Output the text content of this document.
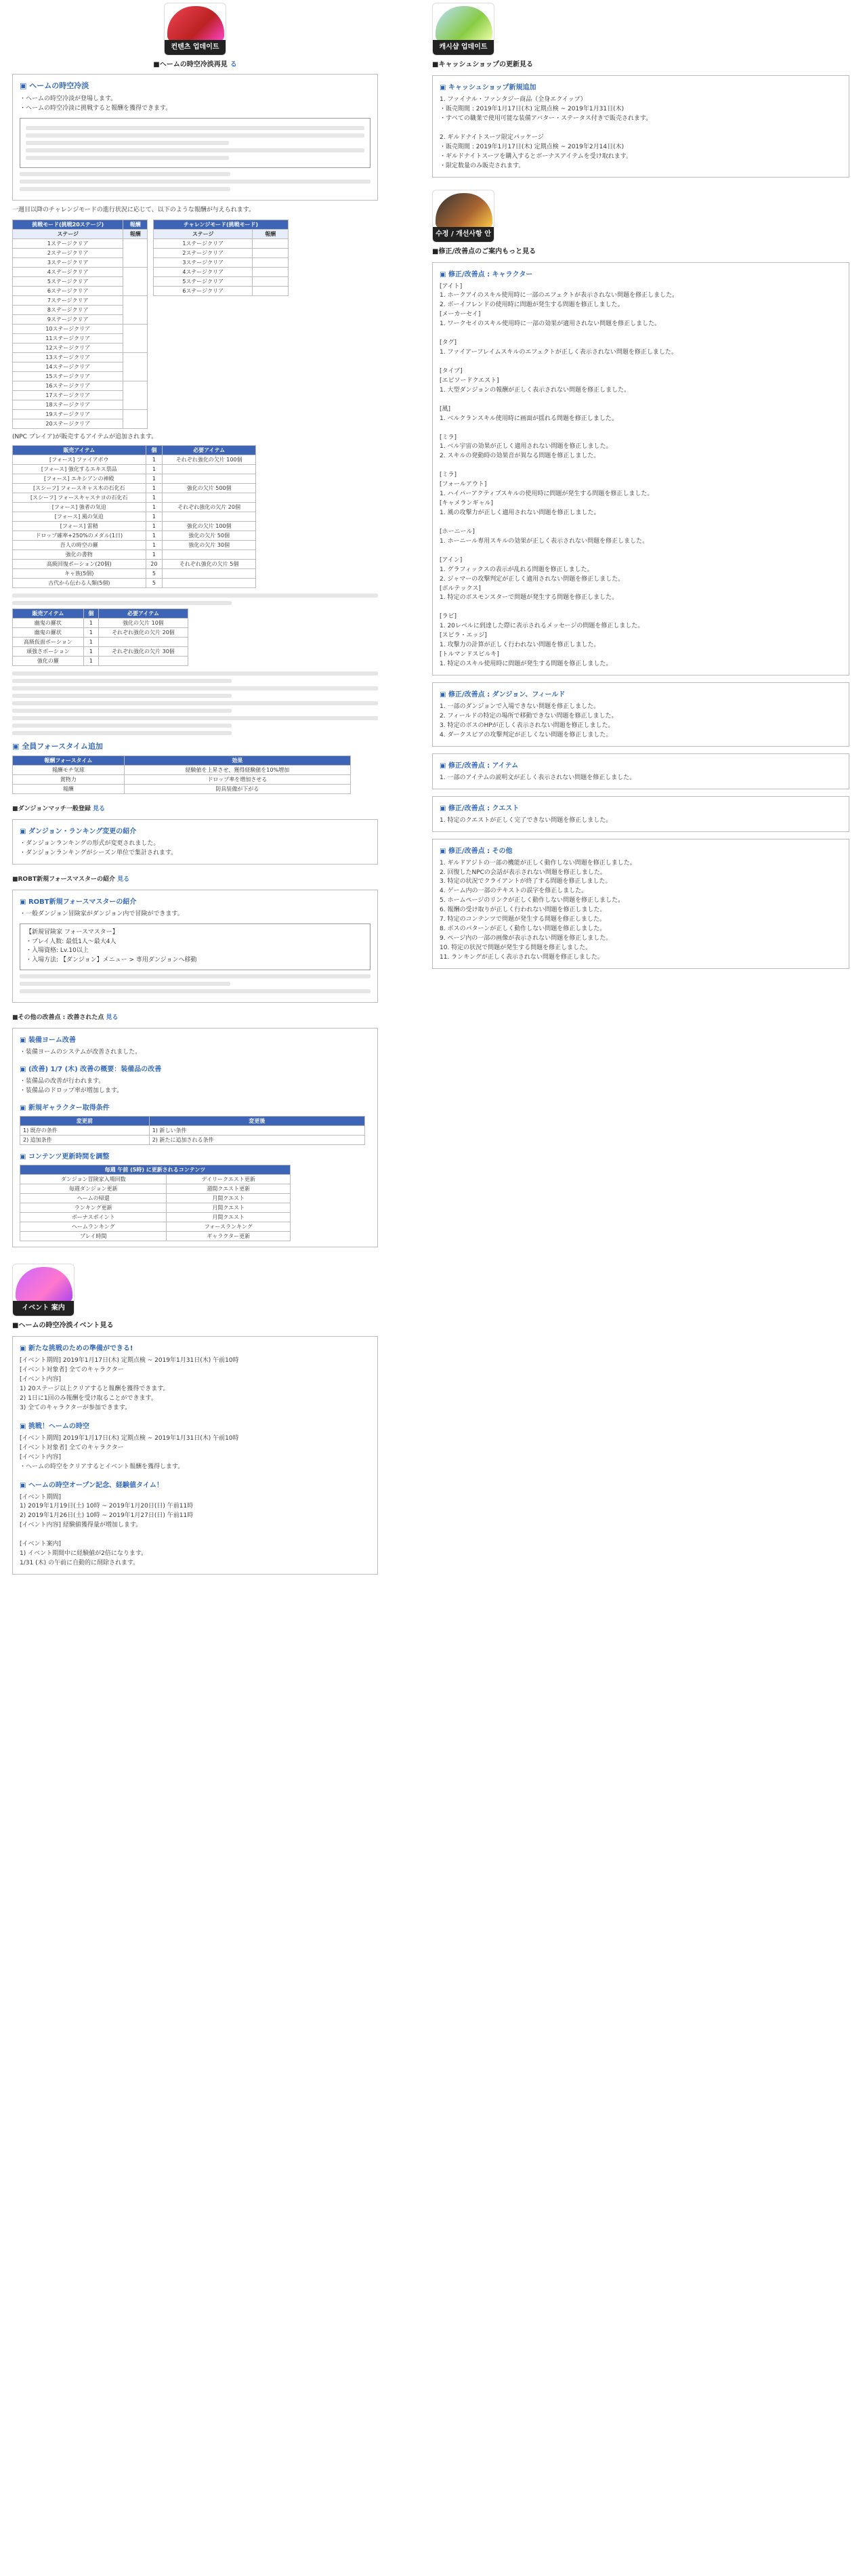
컨텐츠 업데이트
■ヘームの時空冷淡再見 る
▣ ヘームの時空冷淡
・ヘームの時空冷淡が登場します。
・ヘームの時空冷淡に挑戦すると報酬を獲得できます。
一週目以降のチャレンジモードの進行状況に応じて、以下のような報酬が与えられます。
挑戦モード(挑戦20ステージ)	報酬
ステージ	報酬
1ステージクリア	
2ステージクリア	
3ステージクリア	
4ステージクリア	
5ステージクリア	
6ステージクリア	
7ステージクリア	
8ステージクリア	
9ステージクリア	
10ステージクリア	
11ステージクリア	
12ステージクリア	
13ステージクリア	
14ステージクリア	
15ステージクリア	
16ステージクリア	
17ステージクリア	
18ステージクリア	
19ステージクリア	
20ステージクリア	
チャレンジモード(挑戦モード)	
ステージ	報酬
1ステージクリア	
2ステージクリア	
3ステージクリア	
4ステージクリア	
5ステージクリア	
6ステージクリア	
(NPC プレイア)が販売するアイテムが追加されます。
販売アイテム	個	必要アイテム
[フォース] ファイアボウ	1	それぞれ強化の欠片 100個
[フォース] 強化するエキス票品	1	
[フォース] エキシアンの神殿	1	
[スシーフ] フォースキャス木の石化石	1	強化の欠片 500個
[スシーフ] フォースキャスナヨの石化石	1	
[フォース] 強者の気迫	1	それぞれ強化の欠片 20個
[フォース] 風の気迫	1	
[フォース] 雷精	1	強化の欠片 100個
ドロップ確率+250%のメダル(1日)	1	強化の欠片 50個
吾人の時空の羅	1	強化の欠片 30個
強化の書物	1	
高級回復ポーション(20個)	20	それぞれ強化の欠片 5個
キャ族(5個)	5	
古代から伝わる人類(5個)	5	
販売アイテム	個	必要アイテム
幽鬼の羅状	1	強化の欠片 10個
幽鬼の羅状	1	それぞれ強化の欠片 20個
高級仮面ポーション	1	
頑強さポーション	1	それぞれ強化の欠片 30個
強化の羅	1	
▣ 全員フォースタイム追加
報酬フォースタイム	効果
報酬モチ気球	経験値を上昇させ、獲得経験値を10%増加
賞物力	ドロップ率を増加させる
報酬	防具装備が下がる
■ダンジョンマッチ一般登録 見る
▣ ダンジョン・ランキング変更の紹介
・ダンジョンランキングの形式が変更されました。
・ダンジョンランキングがシーズン単位で集計されます。
■ROBT新規フォースマスターの紹介 見る
▣ ROBT新規フォースマスターの紹介
・一般ダンジョン冒険家がダンジョン内で冒険ができます。
【新規冒険家 フォースマスター】
・プレイ人数: 最低1人～最大4人
・入場資格: Lv.10以上
・入場方法: 【ダンジョン】メニュー > 専用ダンジョンへ移動
■その他の改善点 : 改善された点 見る
▣ 装備ヨーム改善
・装備ヨームのシステムが改善されました。
▣ (改善) 1/7 (木) 改善の概要：装備品の改善
・装備品の改善が行われます。
・装備品のドロップ率が増加します。
▣ 新規ギャラクター取得条件
変更前	変更後
1) 既存の条件	1) 新しい条件
2) 追加条件	2) 新たに追加される条件
▣ コンテンツ更新時間を調整
毎週 午前 (5時) に更新されるコンテンツ	
ダンジョン冒険家入場回数	デイリークエスト更新
毎週ダンジョン更新	週間クエスト更新
ヘームの帰還	月間クエスト
ランキング更新	月間クエスト
ボーナスポイント	月間クエスト
ヘームランキング	フォースランキング
プレイ時間	ギャラクター更新
イベント 案内
■ヘームの時空冷淡イベント見る
▣ 新たな挑戦のための準備ができる!
[イベント期間] 2019年1月17日(木) 定期点検 ~ 2019年1月31日(木) 午前10時
[イベント対象者] 全てのキャラクター
[イベント内容]
1) 20ステージ以上クリアすると報酬を獲得できます。
2) 1日に1回のみ報酬を受け取ることができます。
3) 全てのキャラクターが参加できます。
▣ 挑戦！ヘームの時空
[イベント期間] 2019年1月17日(木) 定期点検 ~ 2019年1月31日(木) 午前10時
[イベント対象者] 全てのキャラクター
[イベント内容]
・ヘームの時空をクリアするとイベント報酬を獲得します。
▣ ヘームの時空オープン記念、経験値タイム！
[イベント期間]
1) 2019年1月19日(土) 10時 ~ 2019年1月20日(日) 午前11時
2) 2019年1月26日(土) 10時 ~ 2019年1月27日(日) 午前11時
[イベント内容] 経験値獲得量が増加します。

[イベント案内]
1) イベント期間中に経験値が2倍になります。
1/31 (木) の午前に自動的に削除されます。
캐시샵 업데이트
■キャッシュショップの更新見る
▣ キャッシュショップ新規追加
1. ファイナル・ファンタジー商品（全身エクイップ）
・販売期間 : 2019年1月17日(木) 定期点検 ~ 2019年1月31日(木)
・すべての職業で使用可能な装備アバター・ステータス付きで販売されます。

2. ギルドナイトスーツ限定パッケージ
・販売期間 : 2019年1月17日(木) 定期点検 ~ 2019年2月14日(木)
・ギルドナイトスーツを購入するとボーナスアイテムを受け取れます。
・限定数量のみ販売されます。
수정 / 개선사항 안
■修正/改善点のご案内もっと見る
▣ 修正/改善点 : キャラクター
[アイト]
1. ホークアイのスキル使用時に一部のエフェクトが表示されない問題を修正しました。
2. ボーイフレンドの使用時に問題が発生する問題を修正しました。
[メーカーセイ]
1. ワークセイのスキル使用時に一部の効果が適用されない問題を修正しました。

[タグ]
1. ファイアーフレイムスキルのエフェクトが正しく表示されない問題を修正しました。

[タイプ]
[エピソードクエスト]
1. 大型ダンジョンの報酬が正しく表示されない問題を修正しました。

[風]
1. ベルクランスキル使用時に画面が揺れる問題を修正しました。

[ミラ]
1. ベル宇宙の効果が正しく適用されない問題を修正しました。
2. スキルの発動時の効果音が異なる問題を修正しました。

[ミラ]
[フォールアウト]
1. ハイパーアクティブスキルの使用時に問題が発生する問題を修正しました。
[キャメランギャル]
1. 風の攻撃力が正しく適用されない問題を修正しました。

[ホーニール]
1. ホーニール専用スキルの効果が正しく表示されない問題を修正しました。

[アイン]
1. グラフィックスの表示が乱れる問題を修正しました。
2. ジャマーの攻撃判定が正しく適用されない問題を修正しました。
[ボルテックス]
1. 特定のボスモンスターで問題が発生する問題を修正しました。

[ラビ]
1. 20レベルに到達した際に表示されるメッセージの問題を修正しました。
[スピラ・エッジ]
1. 攻撃力の計算が正しく行われない問題を修正しました。
[トルマンドスピルキ]
1. 特定のスキル使用時に問題が発生する問題を修正しました。
▣ 修正/改善点 : ダンジョン、フィールド
1. 一部のダンジョンで入場できない問題を修正しました。
2. フィールドの特定の場所で移動できない問題を修正しました。
3. 特定のボスのHPが正しく表示されない問題を修正しました。
4. ダークスピアの攻撃判定が正しくない問題を修正しました。
▣ 修正/改善点 : アイテム
1. 一部のアイテムの説明文が正しく表示されない問題を修正しました。
▣ 修正/改善点 : クエスト
1. 特定のクエストが正しく完了できない問題を修正しました。
▣ 修正/改善点 : その他
1. ギルドアジトの一部の機能が正しく動作しない問題を修正しました。
2. 回復したNPCの会話が表示されない問題を修正しました。
3. 特定の状況でクライアントが終了する問題を修正しました。
4. ゲーム内の一部のテキストの誤字を修正しました。
5. ホームページのリンクが正しく動作しない問題を修正しました。
6. 報酬の受け取りが正しく行われない問題を修正しました。
7. 特定のコンテンツで問題が発生する問題を修正しました。
8. ボスのパターンが正しく動作しない問題を修正しました。
9. ページ内の一部の画像が表示されない問題を修正しました。
10. 特定の状況で問題が発生する問題を修正しました。
11. ランキングが正しく表示されない問題を修正しました。
